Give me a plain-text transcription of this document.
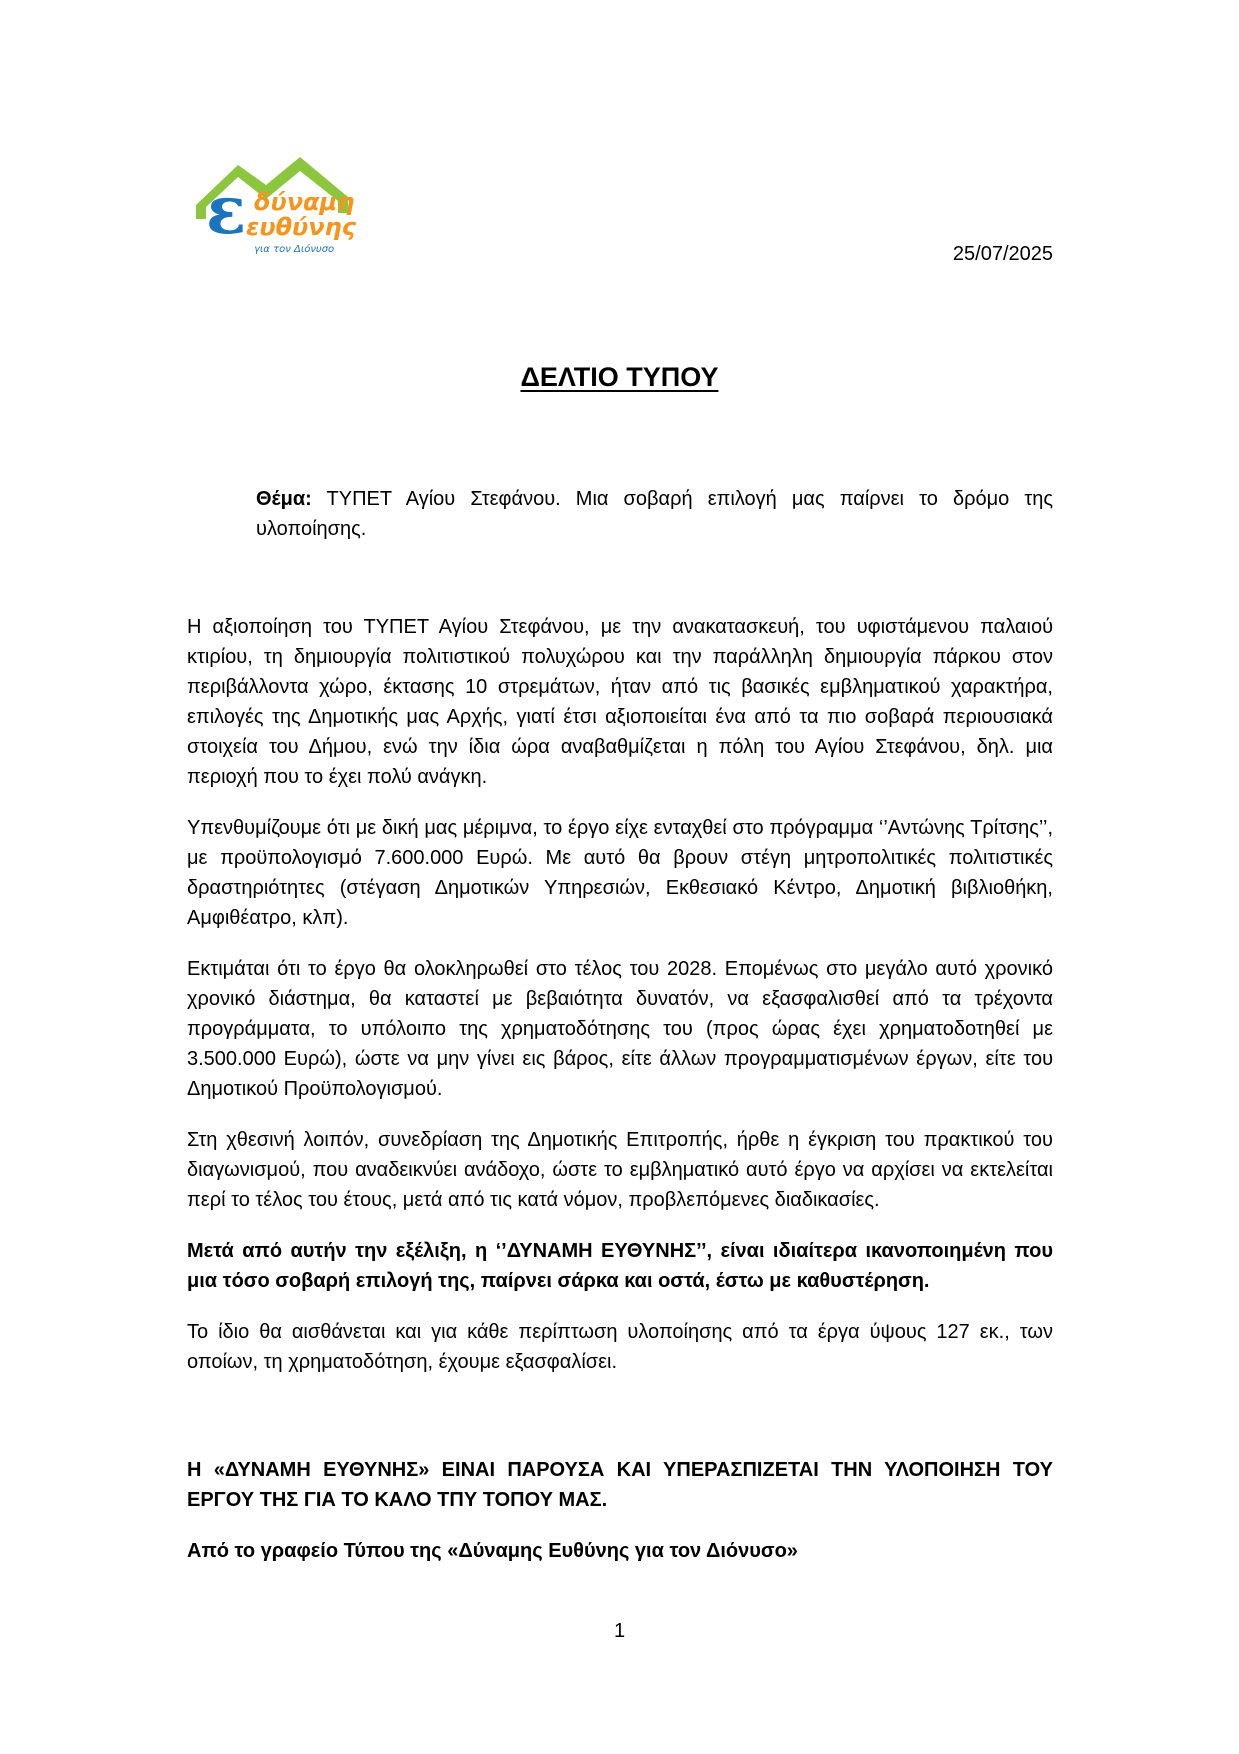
ε δύναμη
ευθύνης
για τον Διόνυσο	25/07/2025
ΔΕΛΤΙΟ ΤΥΠΟΥ
Θέμα: ΤΥΠΕΤ Αγίου Στεφάνου. Μια σοβαρή επιλογή μας παίρνει το δρόμο της υλοποίησης.

Η αξιοποίηση του ΤΥΠΕΤ Αγίου Στεφάνου, με την ανακατασκευή, του υφιστάμενου παλαιού κτιρίου, τη δημιουργία πολιτιστικού πολυχώρου και την παράλληλη δημιουργία πάρκου στον περιβάλλοντα χώρο, έκτασης 10 στρεμάτων, ήταν από τις βασικές εμβληματικού χαρακτήρα, επιλογές της Δημοτικής μας Αρχής, γιατί έτσι αξιοποιείται ένα από τα πιο σοβαρά περιουσιακά στοιχεία του Δήμου, ενώ την ίδια ώρα αναβαθμίζεται η πόλη του Αγίου Στεφάνου, δηλ. μια περιοχή που το έχει πολύ ανάγκη.

Υπενθυμίζουμε ότι με δική μας μέριμνα, το έργο είχε ενταχθεί στο πρόγραμμα ‘’Αντώνης Τρίτσης’’, με προϋπολογισμό 7.600.000 Ευρώ. Με αυτό θα βρουν στέγη μητροπολιτικές πολιτιστικές δραστηριότητες (στέγαση Δημοτικών Υπηρεσιών, Εκθεσιακό Κέντρο, Δημοτική βιβλιοθήκη, Αμφιθέατρο, κλπ).

Εκτιμάται ότι το έργο θα ολοκληρωθεί στο τέλος του 2028. Επομένως στο μεγάλο αυτό χρονικό χρονικό διάστημα, θα καταστεί με βεβαιότητα δυνατόν, να εξασφαλισθεί από τα τρέχοντα προγράμματα, το υπόλοιπο της χρηματοδότησης του (προς ώρας έχει χρηματοδοτηθεί με 3.500.000 Ευρώ), ώστε να μην γίνει εις βάρος, είτε άλλων προγραμματισμένων έργων, είτε του Δημοτικού Προϋπολογισμού.

Στη χθεσινή λοιπόν, συνεδρίαση της Δημοτικής Επιτροπής, ήρθε η έγκριση του πρακτικού του διαγωνισμού, που αναδεικνύει ανάδοχο, ώστε το εμβληματικό αυτό έργο να αρχίσει να εκτελείται περί το τέλος του έτους, μετά από τις κατά νόμον, προβλεπόμενες διαδικασίες.

Μετά από αυτήν την εξέλιξη, η ‘’ΔΥΝΑΜΗ ΕΥΘΥΝΗΣ’’, είναι ιδιαίτερα ικανοποιημένη που μια τόσο σοβαρή επιλογή της, παίρνει σάρκα και οστά, έστω με καθυστέρηση.

Το ίδιο θα αισθάνεται και για κάθε περίπτωση υλοποίησης από τα έργα ύψους 127 εκ., των οποίων, τη χρηματοδότηση, έχουμε εξασφαλίσει.

Η «ΔΥΝΑΜΗ ΕΥΘΥΝΗΣ» ΕΙΝΑΙ ΠΑΡΟΥΣΑ ΚΑΙ ΥΠΕΡΑΣΠΙΖΕΤΑΙ ΤΗΝ ΥΛΟΠΟΙΗΣΗ ΤΟΥ ΕΡΓΟΥ ΤΗΣ ΓΙΑ ΤΟ ΚΑΛΟ ΤΠΥ ΤΟΠΟΥ ΜΑΣ.

Από το γραφείο Τύπου της «Δύναμης Ευθύνης για τον Διόνυσο»

1
